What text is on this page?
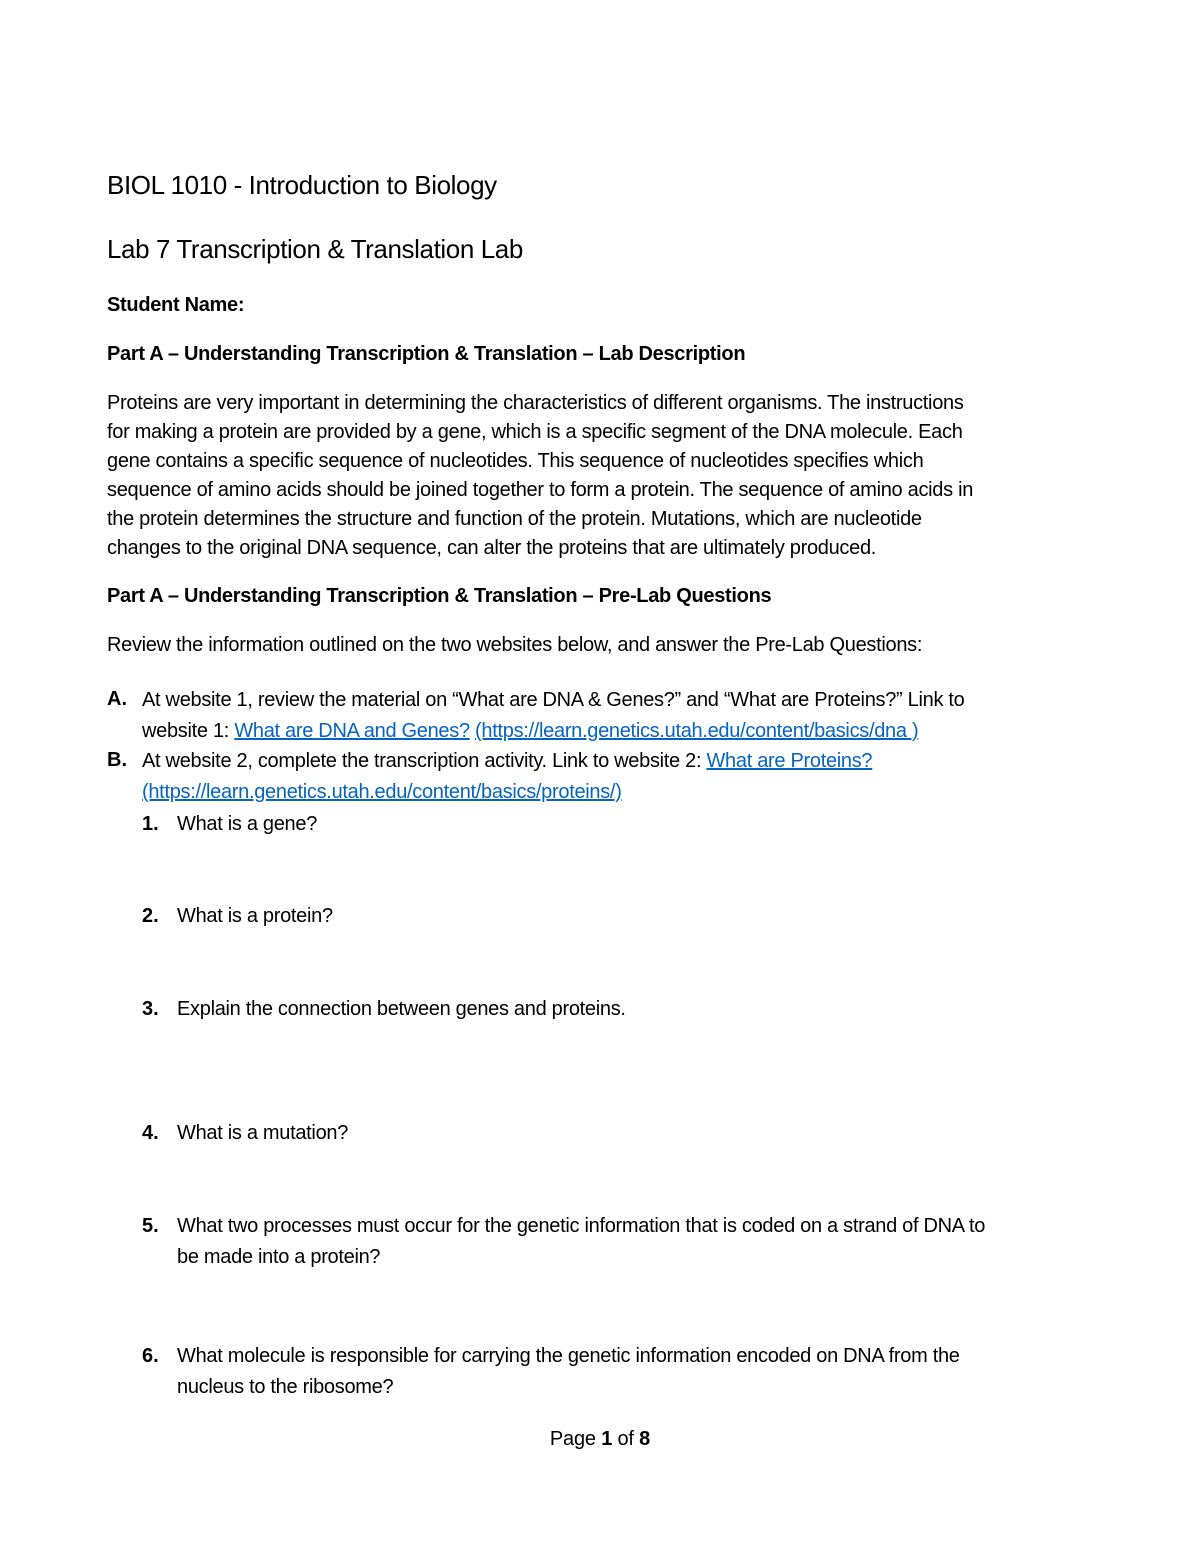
BIOL 1010 - Introduction to Biology
Lab 7 Transcription & Translation Lab
Student Name:
Part A – Understanding Transcription & Translation – Lab Description
Proteins are very important in determining the characteristics of different organisms. The instructions
for making a protein are provided by a gene, which is a specific segment of the DNA molecule. Each
gene contains a specific sequence of nucleotides. This sequence of nucleotides specifies which
sequence of amino acids should be joined together to form a protein. The sequence of amino acids in
the protein determines the structure and function of the protein. Mutations, which are nucleotide
changes to the original DNA sequence, can alter the proteins that are ultimately produced.
Part A – Understanding Transcription & Translation – Pre-Lab Questions
Review the information outlined on the two websites below, and answer the Pre-Lab Questions:
A. At website 1, review the material on “What are DNA & Genes?” and “What are Proteins?” Link to
website 1: What are DNA and Genes? (https://learn.genetics.utah.edu/content/basics/dna )
B. At website 2, complete the transcription activity. Link to website 2: What are Proteins?
(https://learn.genetics.utah.edu/content/basics/proteins/)
1. What is a gene?
2. What is a protein?
3. Explain the connection between genes and proteins.
4. What is a mutation?
5. What two processes must occur for the genetic information that is coded on a strand of DNA to
be made into a protein?
6. What molecule is responsible for carrying the genetic information encoded on DNA from the
nucleus to the ribosome?
Page 1 of 8
